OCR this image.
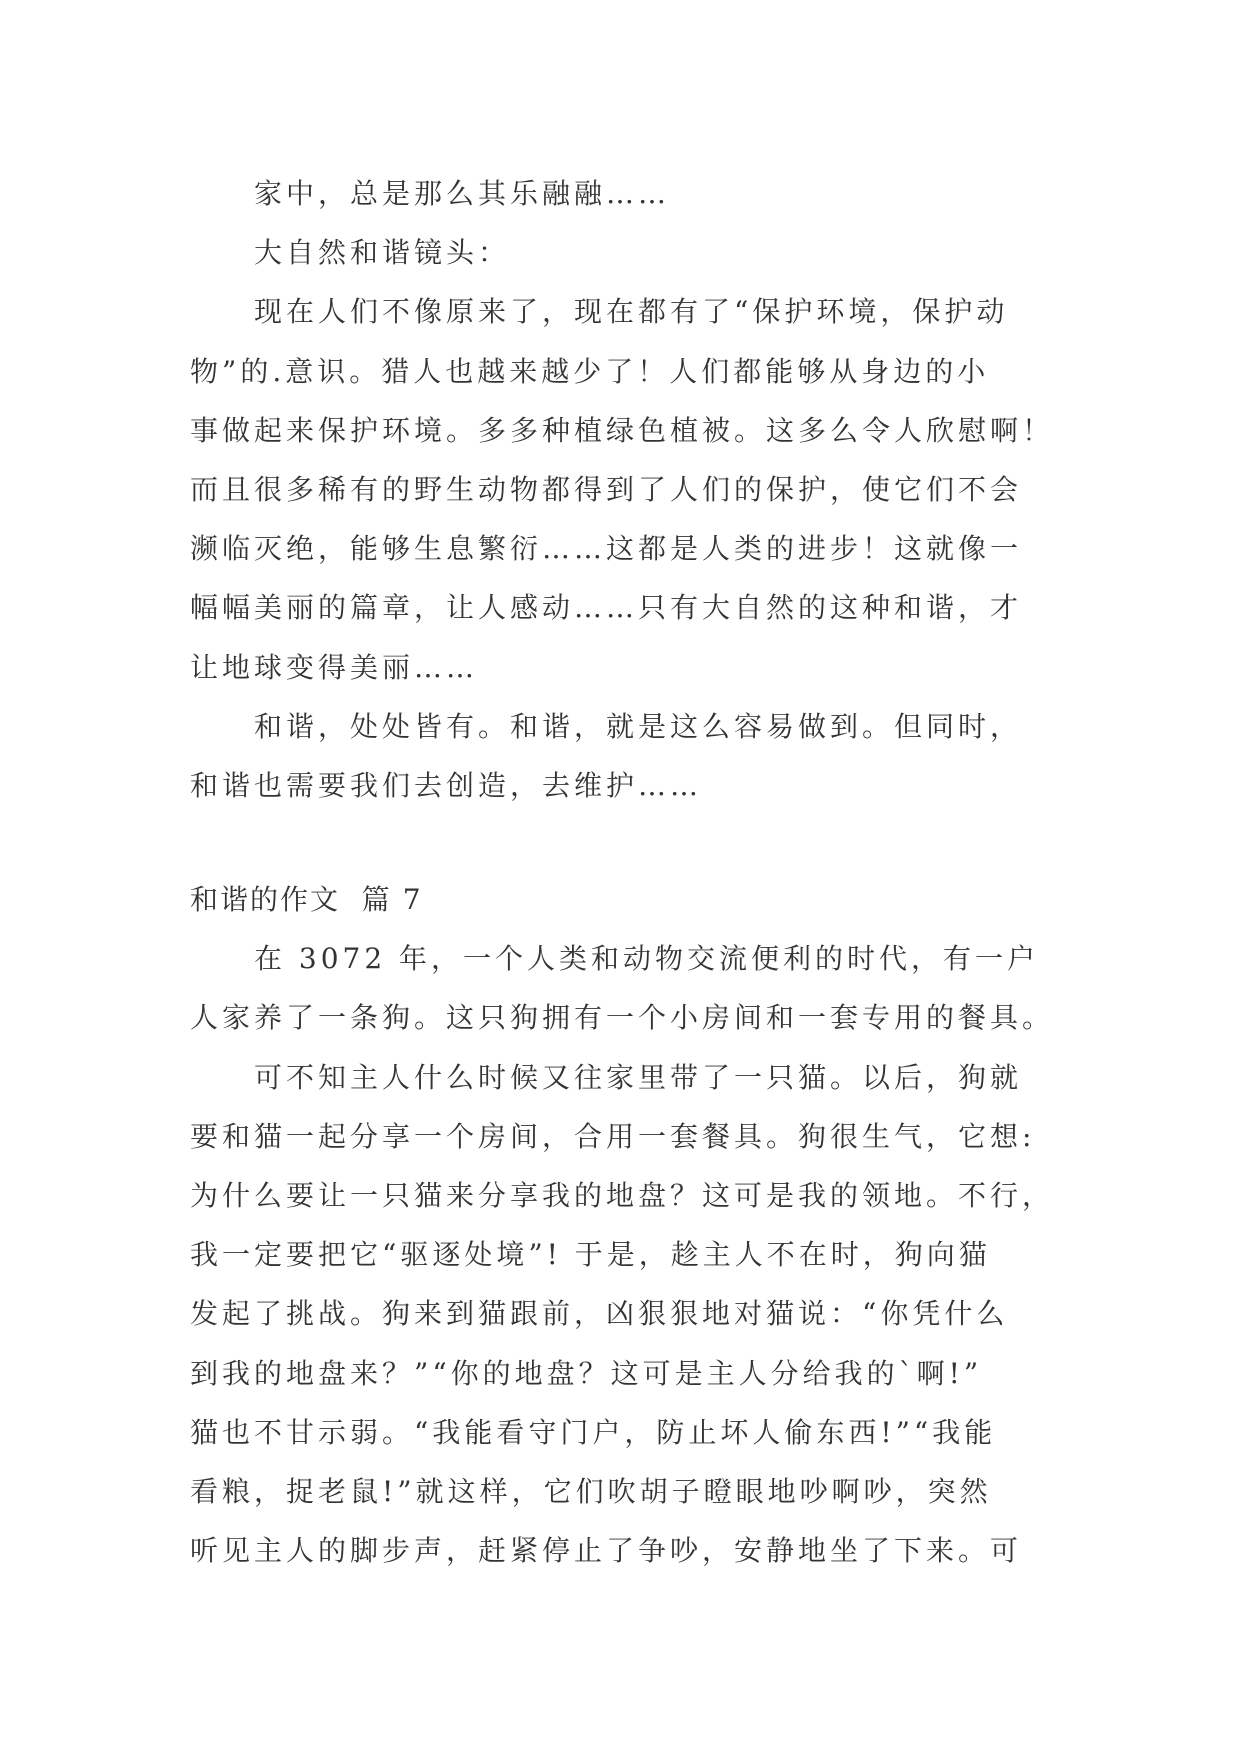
家中，总是那么其乐融融……
大自然和谐镜头：
现在人们不像原来了，现在都有了“保护环境，保护动
物”的.意识。猎人也越来越少了！人们都能够从身边的小
事做起来保护环境。多多种植绿色植被。这多么令人欣慰啊！
而且很多稀有的野生动物都得到了人们的保护，使它们不会
濒临灭绝，能够生息繁衍……这都是人类的进步！这就像一
幅幅美丽的篇章，让人感动……只有大自然的这种和谐，才
让地球变得美丽……
和谐，处处皆有。和谐，就是这么容易做到。但同时，
和谐也需要我们去创造，去维护……
和谐的作文  篇 7
在 3072 年，一个人类和动物交流便利的时代，有一户
人家养了一条狗。这只狗拥有一个小房间和一套专用的餐具。
可不知主人什么时候又往家里带了一只猫。以后，狗就
要和猫一起分享一个房间，合用一套餐具。狗很生气，它想:
为什么要让一只猫来分享我的地盘？这可是我的领地。不行，
我一定要把它“驱逐处境”! 于是，趁主人不在时，狗向猫
发起了挑战。狗来到猫跟前，凶狠狠地对猫说：“你凭什么
到我的地盘来？”“你的地盘？这可是主人分给我的`啊!”
猫也不甘示弱。“我能看守门户，防止坏人偷东西!”“我能
看粮，捉老鼠!”就这样，它们吹胡子瞪眼地吵啊吵，突然
听见主人的脚步声，赶紧停止了争吵，安静地坐了下来。可
